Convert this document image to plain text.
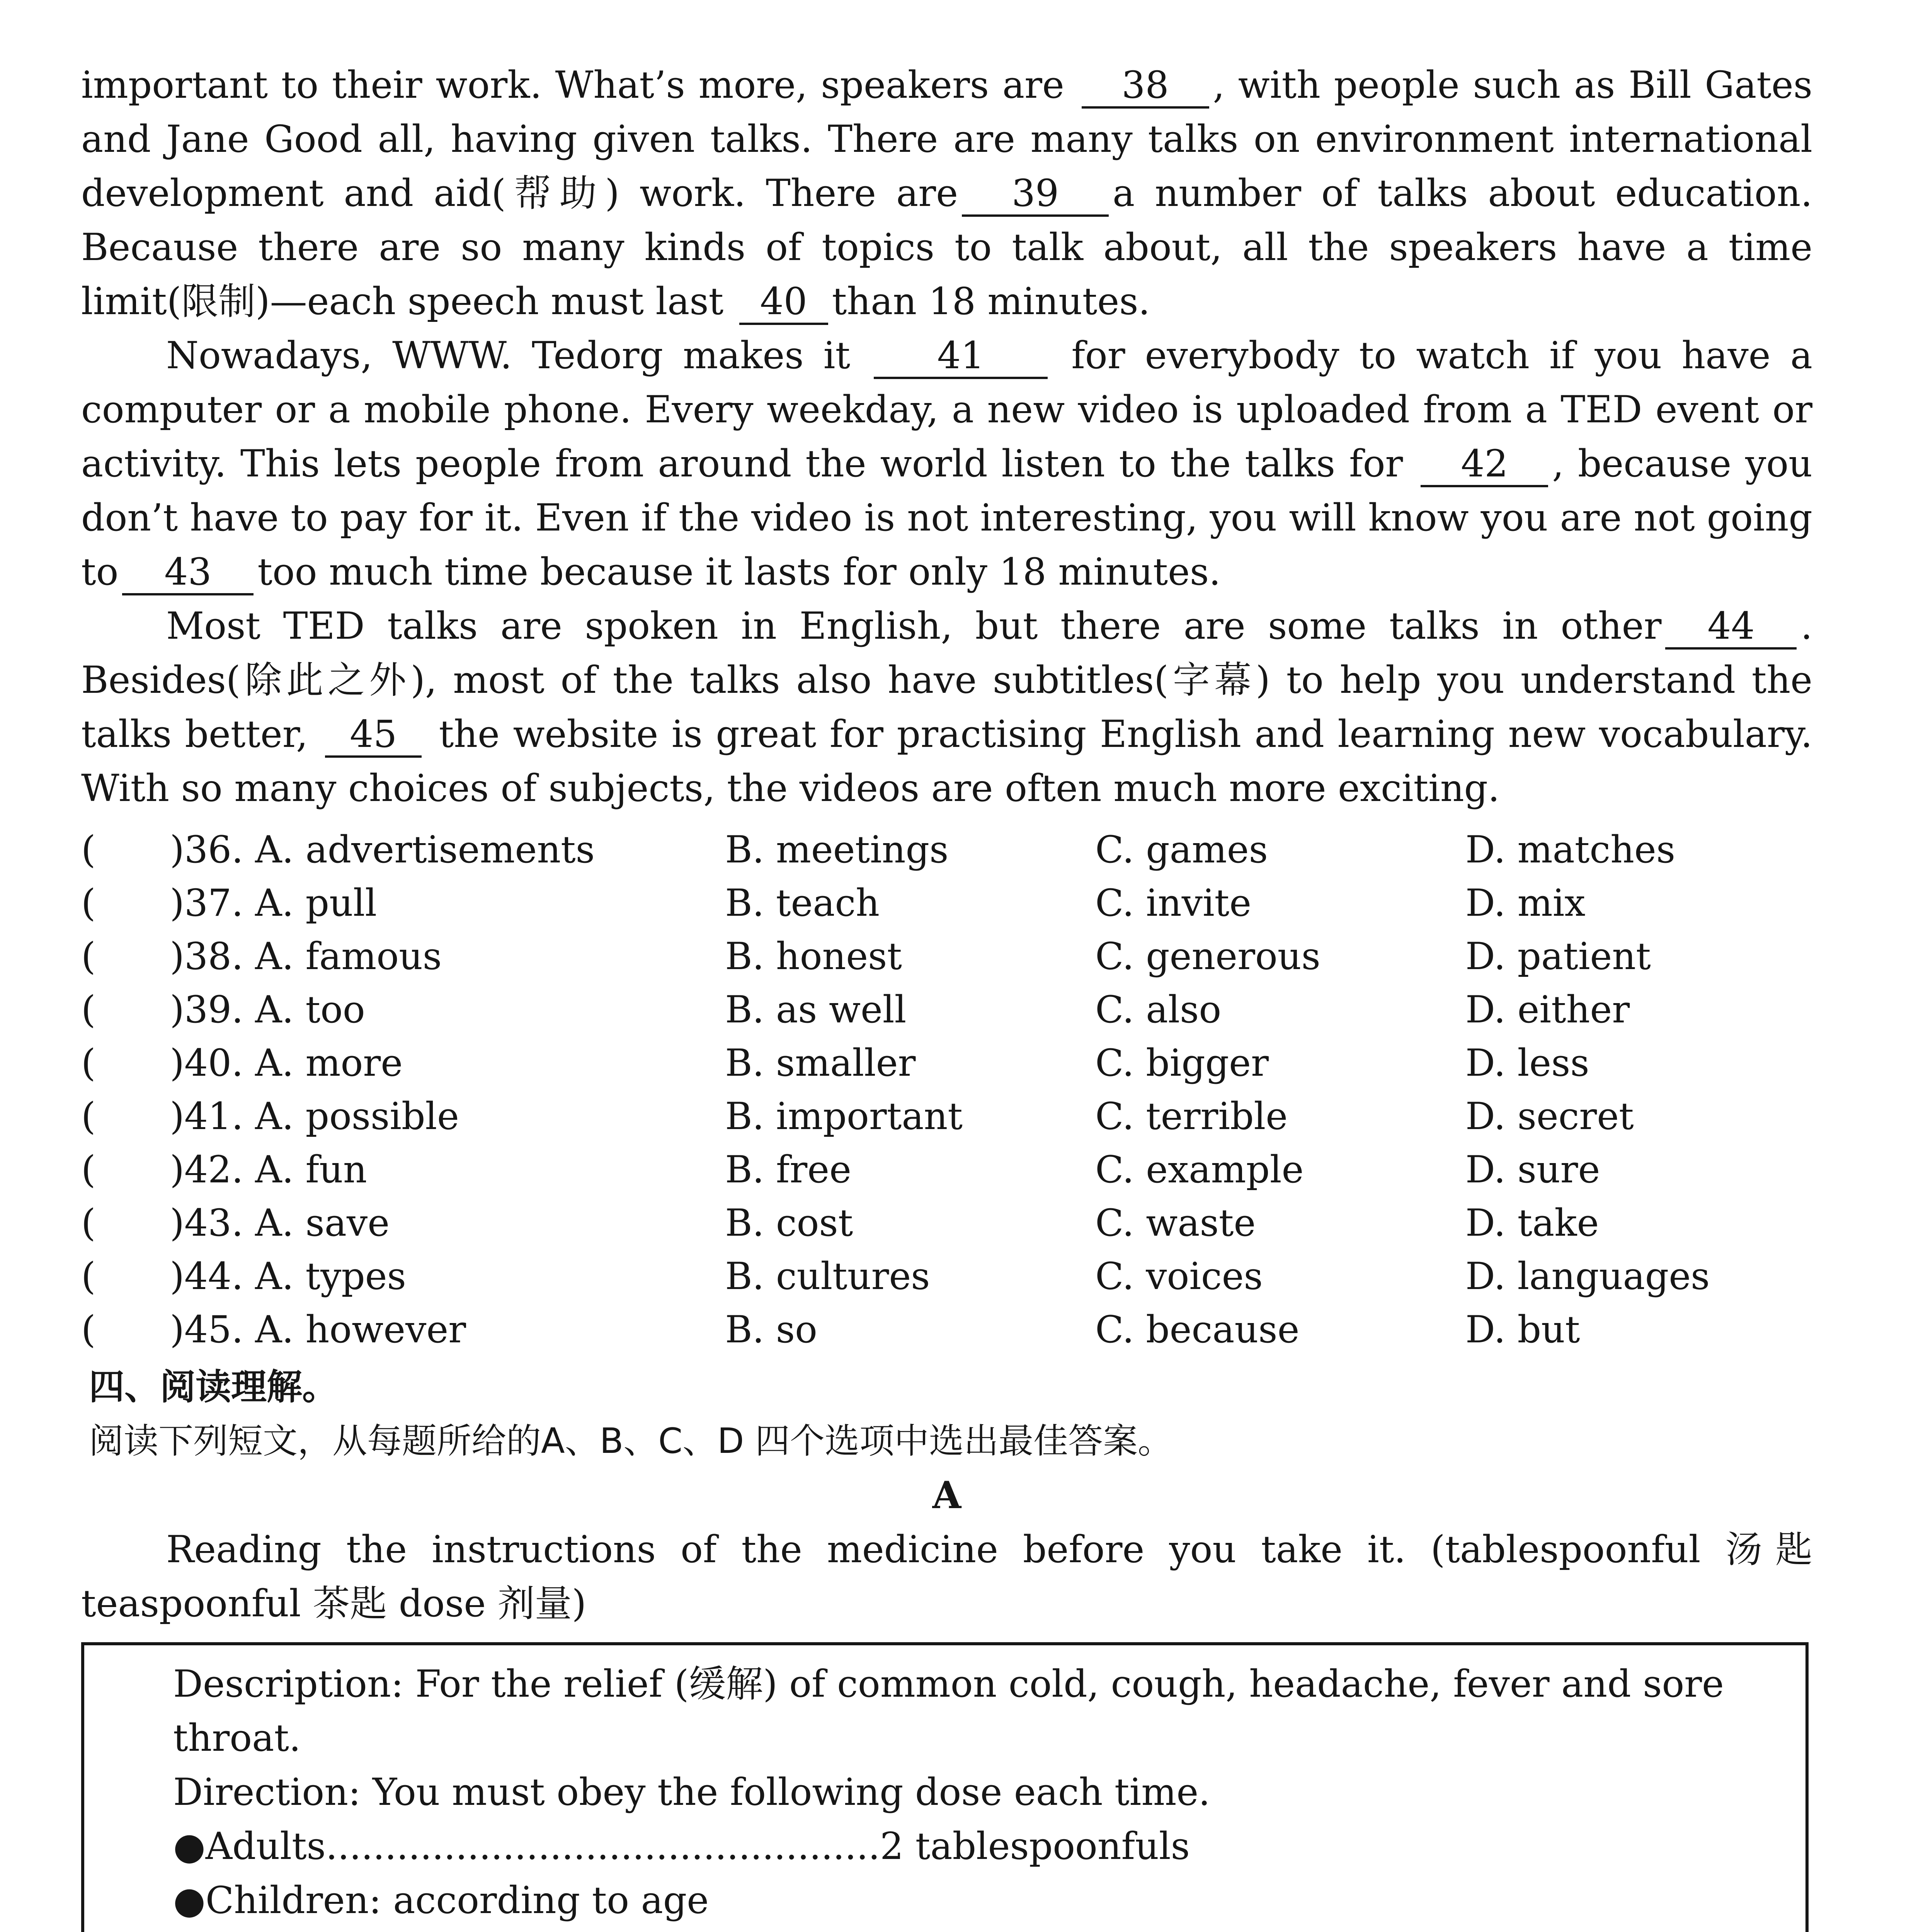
important to their work. What’s more, speakers are 38 , with people such as Bill Gates and Jane Good all, having given talks. There are many talks on environment international development and aid(帮助) work. There are 39 a number of talks about education. Because there are so many kinds of topics to talk about, all the speakers have a time limit(限制)—each speech must last 40 than 18 minutes.

Nowadays, WWW. Tedorg makes it 41 for everybody to watch if you have a computer or a mobile phone. Every weekday, a new video is uploaded from a TED event or activity. This lets people from around the world listen to the talks for 42 , because you don’t have to pay for it. Even if the video is not interesting, you will know you are not going to 43 too much time because it lasts for only 18 minutes.

Most TED talks are spoken in English, but there are some talks in other 44 . Besides(除此之外), most of the talks also have subtitles(字幕) to help you understand the talks better, 45 the website is great for practising English and learning new vocabulary. With so many choices of subjects, the videos are often much more exciting.

(	)36. A. advertisements	B. meetings	C. games	D. matches
(	)37. A. pull	B. teach	C. invite	D. mix
(	)38. A. famous	B. honest	C. generous	D. patient
(	)39. A. too	B. as well	C. also	D. either
(	)40. A. more	B. smaller	C. bigger	D. less
(	)41. A. possible	B. important	C. terrible	D. secret
(	)42. A. fun	B. free	C. example	D. sure
(	)43. A. save	B. cost	C. waste	D. take
(	)44. A. types	B. cultures	C. voices	D. languages
(	)45. A. however	B. so	C. because	D. but
四、阅读理解。
阅读下列短文，从每题所给的A、B、C、D 四个选项中选出最佳答案。
A

Reading the instructions of the medicine before you take it. (tablespoonful 汤匙 teaspoonful 茶匙 dose 剂量)

Description: For the relief (缓解) of common cold, cough, headache, fever and sore throat.
Direction: You must obey the following dose each time.
●Adults ............................................... 2 tablespoonfuls
●Children: according to age
